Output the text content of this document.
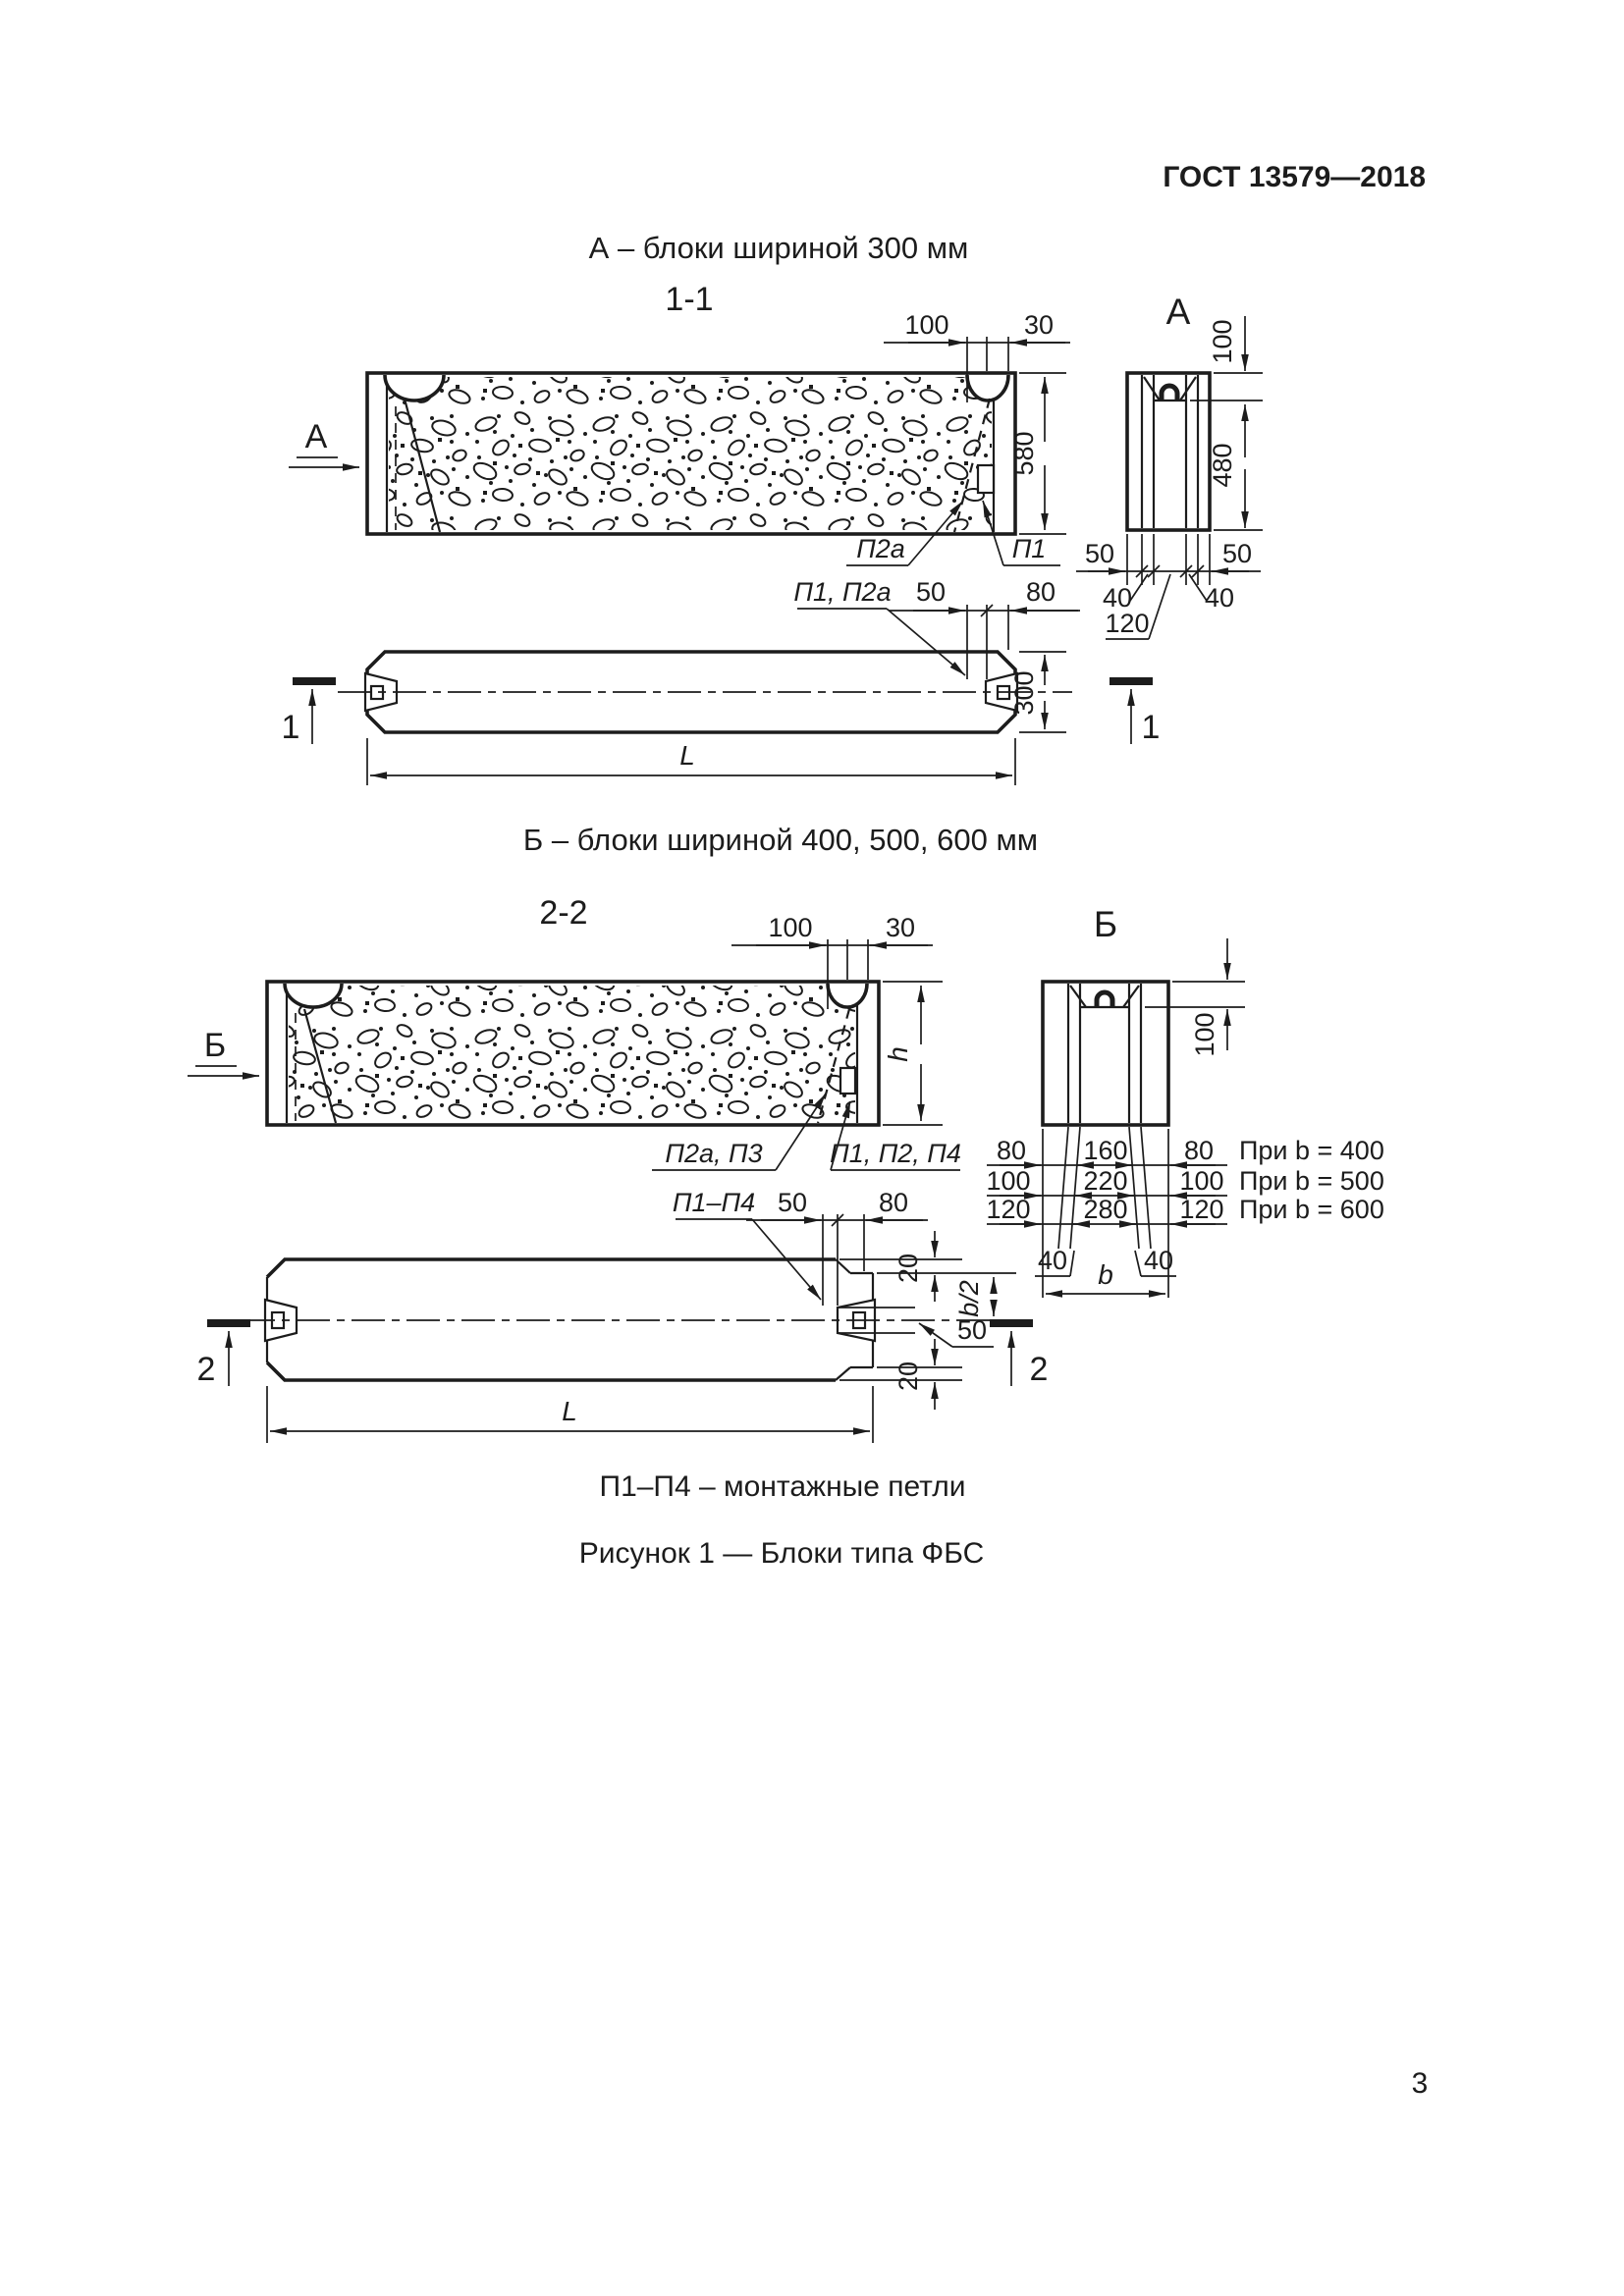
ГОСТ 13579—2018
3
А – блоки шириной 300 мм
1-1
А
100	30
580
П2а	П1
П1, П2а 50	80
300
1	1
L
А
100
480
50	50
40	40
120
Б – блоки шириной 400, 500, 600 мм
2-2
Б
100	30
h
П2а, П3	П1, П2, П4
П1–П4 50	80
20
b/2
50
20
2	2
L
Б
100
80 160 80 При b = 400
100 220 100 При b = 500
120 280 120 При b = 600
40	40
b
П1–П4 – монтажные петли
Рисунок 1 — Блоки типа ФБС
